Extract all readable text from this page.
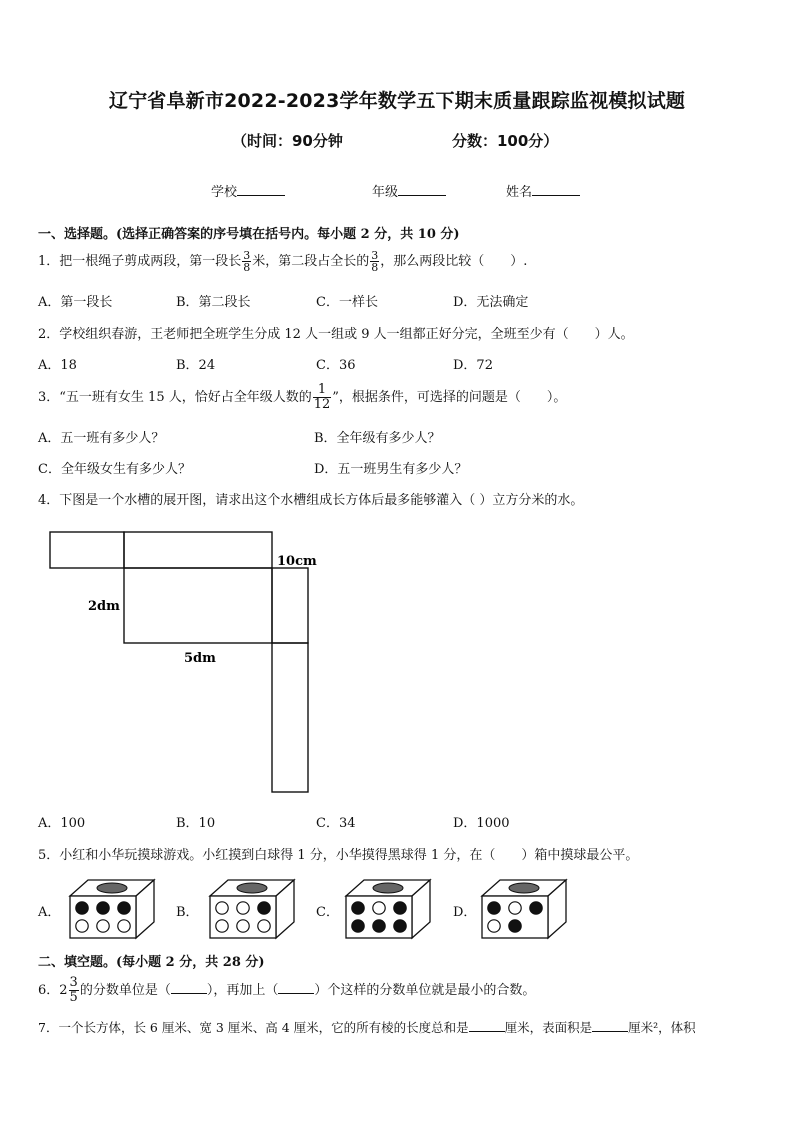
辽宁省阜新市2022-2023学年数学五下期末质量跟踪监视模拟试题
（时间：90分钟	分数：100分）
学校	年级	姓名
一、选择题。(选择正确答案的序号填在括号内。每小题 2 分，共 10 分)
1．把一根绳子剪成两段，第一段长 $\frac{3}{8}$ 米，第二段占全长的 $\frac{3}{8}$ ，那么两段比较（　　）.
A．第一段长	B．第二段长	C．一样长	D．无法确定
2．学校组织春游，王老师把全班学生分成 12 人一组或 9 人一组都正好分完，全班至少有（　　）人。
A．18	B．24	C．36	D．72
3．“五一班有女生 15 人，恰好占全年级人数的 $\frac{1}{12}$ ”，根据条件，可选择的问题是（　　）。
A．五一班有多少人？	B．全年级有多少人？
C．全年级女生有多少人？	D．五一班男生有多少人？
4．下图是一个水槽的展开图，请求出这个水槽组成长方体后最多能够灌入（ ）立方分米的水。
10cm
2dm
5dm
A．100	B．10	C．34	D．1000
5．小红和小华玩摸球游戏。小红摸到白球得 1 分，小华摸得黑球得 1 分，在（　　）箱中摸球最公平。
A．	B．	C．	D．
二、填空题。(每小题 2 分，共 28 分)
6．$2 \frac{3}{5}$ 的分数单位是（	），再加上（	）个这样的分数单位就是最小的合数。
7．一个长方体，长 6 厘米、宽 3 厘米、高 4 厘米，它的所有棱的长度总和是	厘米，表面积是	厘米²，体积
